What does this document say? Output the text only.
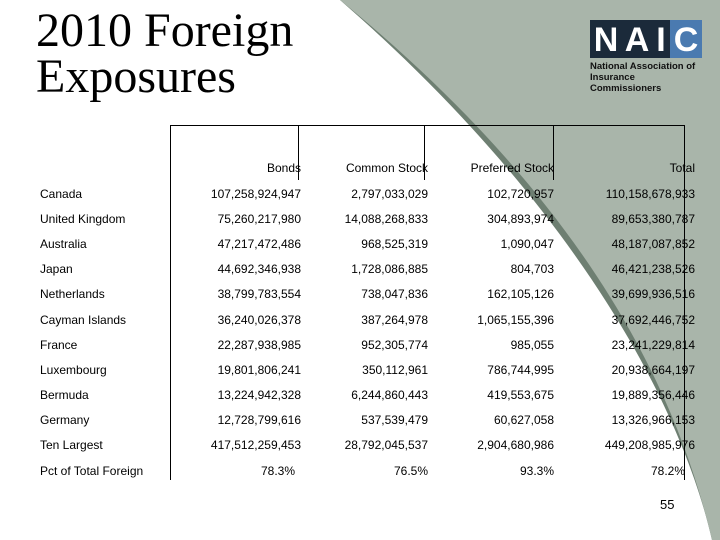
2010 Foreign
Exposures
N A I C
National Association of
Insurance Commissioners
	Bonds	Common Stock	Preferred Stock	Total
Canada	107,258,924,947	2,797,033,029	102,720,957	110,158,678,933
United Kingdom	75,260,217,980	14,088,268,833	304,893,974	89,653,380,787
Australia	47,217,472,486	968,525,319	1,090,047	48,187,087,852
Japan	44,692,346,938	1,728,086,885	804,703	46,421,238,526
Netherlands	38,799,783,554	738,047,836	162,105,126	39,699,936,516
Cayman Islands	36,240,026,378	387,264,978	1,065,155,396	37,692,446,752
France	22,287,938,985	952,305,774	985,055	23,241,229,814
Luxembourg	19,801,806,241	350,112,961	786,744,995	20,938,664,197
Bermuda	13,224,942,328	6,244,860,443	419,553,675	19,889,356,446
Germany	12,728,799,616	537,539,479	60,627,058	13,326,966,153
Ten Largest	417,512,259,453	28,792,045,537	2,904,680,986	449,208,985,976
Pct of Total Foreign	78.3%	76.5%	93.3%	78.2%
55
